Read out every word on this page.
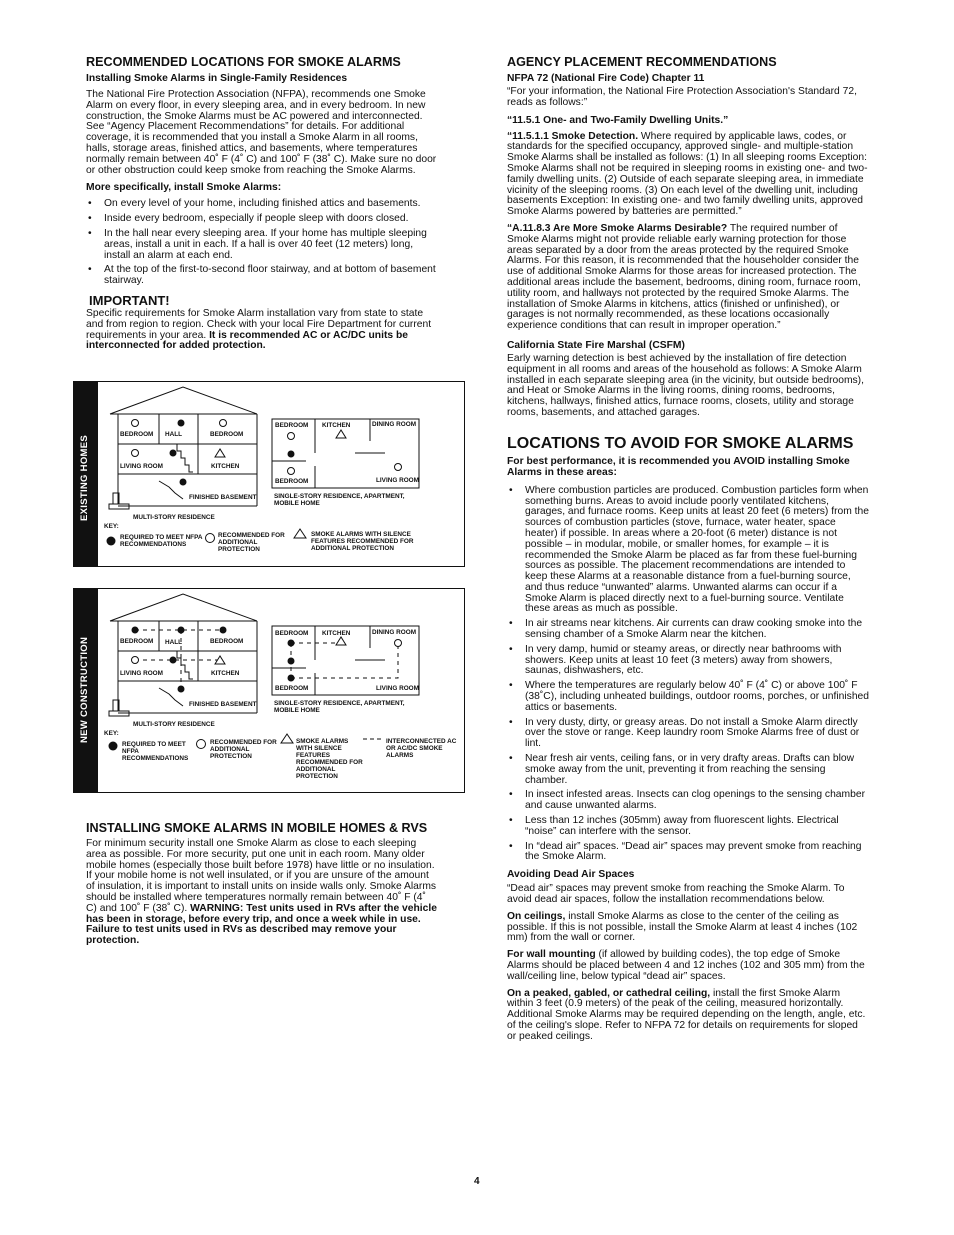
RECOMMENDED LOCATIONS FOR SMOKE ALARMS
Installing Smoke Alarms in Single-Family Residences

The National Fire Protection Association (NFPA), recommends one Smoke Alarm on every floor, in every sleeping area, and in every bedroom. In new construction, the Smoke Alarms must be AC powered and interconnected. See “Agency Placement Recommendations” for details. For additional coverage, it is recommended that you install a Smoke Alarm in all rooms, halls, storage areas, finished attics, and basements, where temperatures normally remain between 40˚ F (4˚ C) and 100˚ F (38˚ C). Make sure no door or other obstruction could keep smoke from reaching the Smoke Alarms.

More specifically, install Smoke Alarms:
• On every level of your home, including finished attics and basements.
• Inside every bedroom, especially if people sleep with doors closed.
• In the hall near every sleeping area. If your home has multiple sleeping areas, install a unit in each. If a hall is over 40 feet (12 meters) long, install an alarm at each end.
• At the top of the first-to-second floor stairway, and at bottom of basement stairway.
IMPORTANT!

Specific requirements for Smoke Alarm installation vary from state to state and from region to region. Check with your local Fire Department for current requirements in your area. It is recommended AC or AC/DC units be interconnected for added protection.

EXISTING HOMES
BEDROOM HALL	BEDROOM
LIVING ROOM	KITCHEN
FINISHED BASEMENT
MULTI-STORY RESIDENCE
BEDROOM KITCHEN	DINING ROOM
BEDROOM	LIVING ROOM
SINGLE-STORY RESIDENCE, APARTMENT, MOBILE HOME
KEY:
REQUIRED TO MEET NFPA RECOMMENDATIONS
RECOMMENDED FOR ADDITIONAL PROTECTION
SMOKE ALARMS WITH SILENCE FEATURES RECOMMENDED FOR ADDITIONAL PROTECTION
NEW CONSTRUCTION	BEDROOM HALL	BEDROOM
LIVING ROOM	KITCHEN
FINISHED BASEMENT
MULTI-STORY RESIDENCE
BEDROOM KITCHEN	DINING ROOM
BEDROOM	LIVING ROOM
SINGLE-STORY RESIDENCE, APARTMENT, MOBILE HOME
KEY:
REQUIRED TO MEET NFPA RECOMMENDATIONS
RECOMMENDED FOR ADDITIONAL PROTECTION
SMOKE ALARMS WITH SILENCE FEATURES RECOMMENDED FOR ADDITIONAL PROTECTION
INTERCONNECTED AC OR AC/DC SMOKE ALARMS
INSTALLING SMOKE ALARMS IN MOBILE HOMES & RVS

For minimum security install one Smoke Alarm as close to each sleeping area as possible. For more security, put one unit in each room. Many older mobile homes (especially those built before 1978) have little or no insulation. If your mobile home is not well insulated, or if you are unsure of the amount of insulation, it is important to install units on inside walls only. Smoke Alarms should be installed where temperatures normally remain between 40˚ F (4˚ C) and 100˚ F (38˚ C). WARNING: Test units used in RVs after the vehicle has been in storage, before every trip, and once a week while in use. Failure to test units used in RVs as described may remove your protection.

AGENCY PLACEMENT RECOMMENDATIONS
NFPA 72 (National Fire Code) Chapter 11

“For your information, the National Fire Protection Association's Standard 72, reads as follows:”

“11.5.1 One- and Two-Family Dwelling Units.”

“11.5.1.1 Smoke Detection. Where required by applicable laws, codes, or standards for the specified occupancy, approved single- and multiple-station Smoke Alarms shall be installed as follows: (1) In all sleeping rooms Exception: Smoke Alarms shall not be required in sleeping rooms in existing one- and two-family dwelling units. (2) Outside of each separate sleeping area, in immediate vicinity of the sleeping rooms. (3) On each level of the dwelling unit, including basements Exception: In existing one- and two family dwelling units, approved Smoke Alarms powered by batteries are permitted.”

“A.11.8.3 Are More Smoke Alarms Desirable? The required number of Smoke Alarms might not provide reliable early warning protection for those areas separated by a door from the areas protected by the required Smoke Alarms. For this reason, it is recommended that the householder consider the use of additional Smoke Alarms for those areas for increased protection. The additional areas include the basement, bedrooms, dining room, furnace room, utility room, and hallways not protected by the required Smoke Alarms. The installation of Smoke Alarms in kitchens, attics (finished or unfinished), or garages is not normally recommended, as these locations occasionally experience conditions that can result in improper operation.”

California State Fire Marshal (CSFM)

Early warning detection is best achieved by the installation of fire detection equipment in all rooms and areas of the household as follows: A Smoke Alarm installed in each separate sleeping area (in the vicinity, but outside bedrooms), and Heat or Smoke Alarms in the living rooms, dining rooms, bedrooms, kitchens, hallways, finished attics, furnace rooms, closets, utility and storage rooms, basements, and attached garages.

LOCATIONS TO AVOID FOR SMOKE ALARMS
For best performance, it is recommended you AVOID installing Smoke Alarms in these areas:
• Where combustion particles are produced. Combustion particles form when something burns. Areas to avoid include poorly ventilated kitchens, garages, and furnace rooms. Keep units at least 20 feet (6 meters) from the sources of combustion particles (stove, furnace, water heater, space heater) if possible. In areas where a 20-foot (6 meter) distance is not possible – in modular, mobile, or smaller homes, for example – it is recommended the Smoke Alarm be placed as far from these fuel-burning sources as possible. The placement recommendations are intended to keep these Alarms at a reasonable distance from a fuel-burning source, and thus reduce “unwanted” alarms. Unwanted alarms can occur if a Smoke Alarm is placed directly next to a fuel-burning source. Ventilate these areas as much as possible.
• In air streams near kitchens. Air currents can draw cooking smoke into the sensing chamber of a Smoke Alarm near the kitchen.
• In very damp, humid or steamy areas, or directly near bathrooms with showers. Keep units at least 10 feet (3 meters) away from showers, saunas, dishwashers, etc.
• Where the temperatures are regularly below 40˚ F (4˚ C) or above 100˚ F (38˚C), including unheated buildings, outdoor rooms, porches, or unfinished attics or basements.
• In very dusty, dirty, or greasy areas. Do not install a Smoke Alarm directly over the stove or range. Keep laundry room Smoke Alarms free of dust or lint.
• Near fresh air vents, ceiling fans, or in very drafty areas. Drafts can blow smoke away from the unit, preventing it from reaching the sensing chamber.
• In insect infested areas. Insects can clog openings to the sensing chamber and cause unwanted alarms.
• Less than 12 inches (305mm) away from fluorescent lights. Electrical “noise” can interfere with the sensor.
• In “dead air” spaces. “Dead air” spaces may prevent smoke from reaching the Smoke Alarm.
Avoiding Dead Air Spaces

“Dead air” spaces may prevent smoke from reaching the Smoke Alarm. To avoid dead air spaces, follow the installation recommendations below.

On ceilings, install Smoke Alarms as close to the center of the ceiling as possible. If this is not possible, install the Smoke Alarm at least 4 inches (102 mm) from the wall or corner.

For wall mounting (if allowed by building codes), the top edge of Smoke Alarms should be placed between 4 and 12 inches (102 and 305 mm) from the wall/ceiling line, below typical “dead air” spaces.

On a peaked, gabled, or cathedral ceiling, install the first Smoke Alarm within 3 feet (0.9 meters) of the peak of the ceiling, measured horizontally. Additional Smoke Alarms may be required depending on the length, angle, etc. of the ceiling's slope. Refer to NFPA 72 for details on requirements for sloped or peaked ceilings.

4
